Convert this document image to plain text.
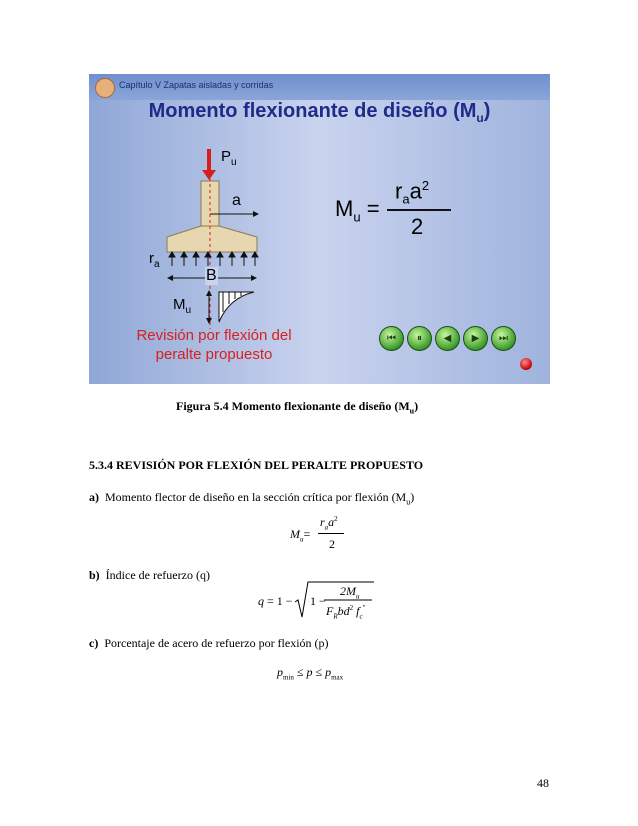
Capítulo V Zapatas aisladas y corridas
Momento flexionante de diseño $(M_u)$
$P_u$
a
$r_a$
B
$M_u$
$M_u$ =
$r_aa^2$
2
Revisión por flexión del
peralte propuesto
⏮	⏸	◀	▶	⏭
Figura 5.4 Momento flexionante de diseño $(M_u)$
5.3.4 REVISIÓN POR FLEXIÓN DEL PERALTE PROPUESTO
a) Momento flector de diseño en la sección crítica por flexión $(M_u)$
$M_u=$
$r_aa^2$
2
b) Índice de refuerzo (q)
q = 1 − 1 −
$2M_u$
$F_Rbd^2$ $f_c''$
c) Porcentaje de acero de refuerzo por flexión (p)
$p_{min} \le p \le p_{max}$
48
